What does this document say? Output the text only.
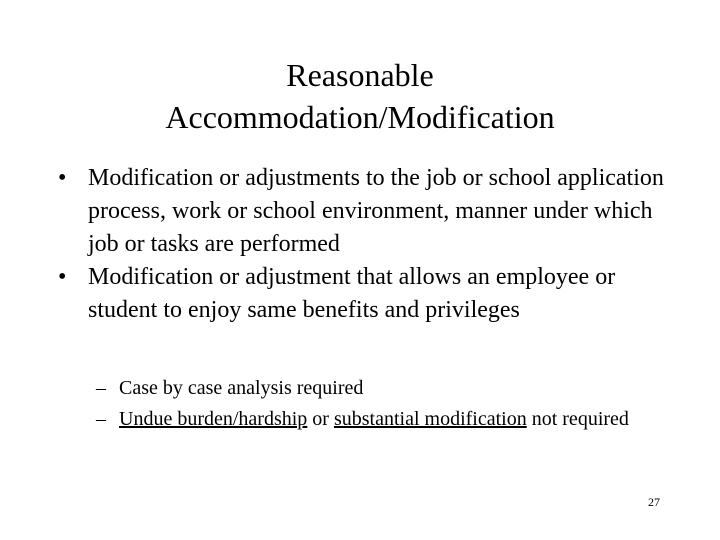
Reasonable
Accommodation/Modification
• Modification or adjustments to the job or school application process, work or school environment, manner under which job or tasks are performed
• Modification or adjustment that allows an employee or student to enjoy same benefits and privileges
– Case by case analysis required
– Undue burden/hardship or substantial modification not required
27
